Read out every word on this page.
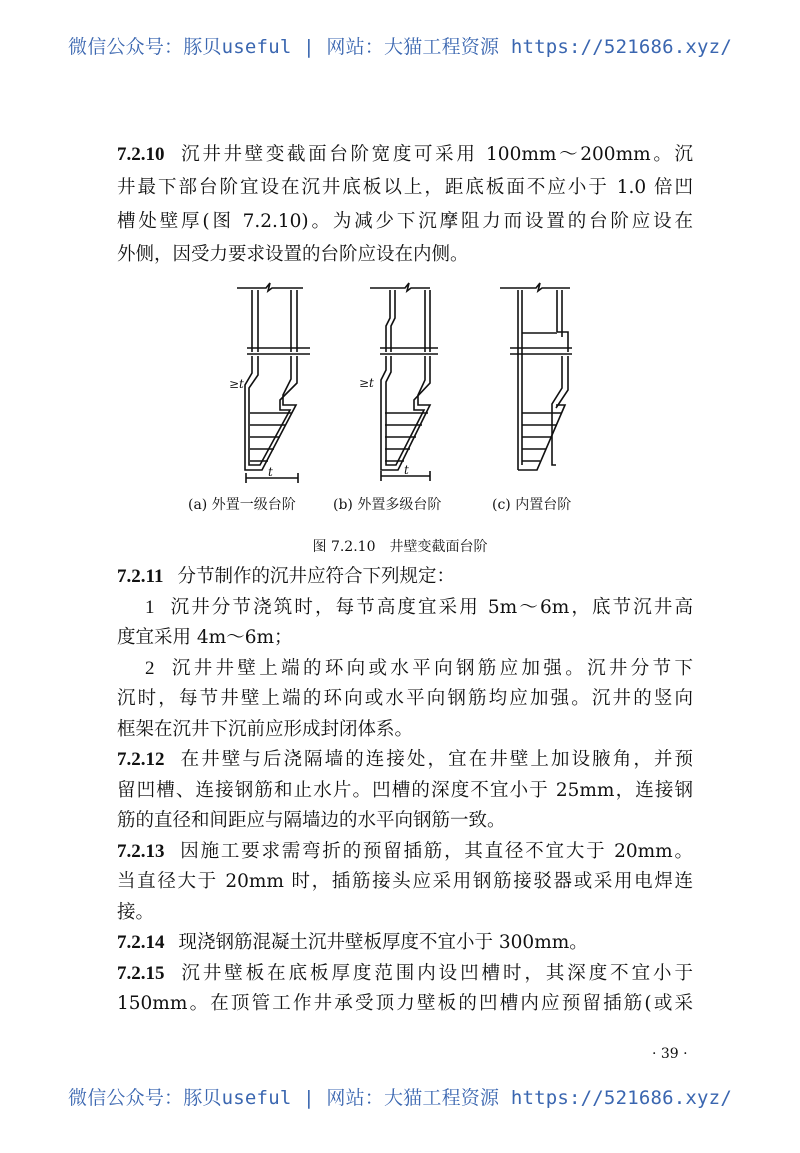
微信公众号：豚贝useful | 网站：大猫工程资源 https://521686.xyz/
7.2.10 沉井井壁变截面台阶宽度可采用 100mm～200mm。沉
井最下部台阶宜设在沉井底板以上，距底板面不应小于 1.0 倍凹
槽处壁厚(图 7.2.10)。为减少下沉摩阻力而设置的台阶应设在
外侧，因受力要求设置的台阶应设在内侧。
t
≥t
t
≥t
(a) 外置一级台阶	(b) 外置多级台阶	(c) 内置台阶
图 7.2.10　井壁变截面台阶
7.2.11 分节制作的沉井应符合下列规定：
1 沉井分节浇筑时，每节高度宜采用 5m～6m，底节沉井高
度宜采用 4m～6m；
2 沉井井壁上端的环向或水平向钢筋应加强。沉井分节下
沉时，每节井壁上端的环向或水平向钢筋均应加强。沉井的竖向
框架在沉井下沉前应形成封闭体系。
7.2.12 在井壁与后浇隔墙的连接处，宜在井壁上加设腋角，并预
留凹槽、连接钢筋和止水片。凹槽的深度不宜小于 25mm，连接钢
筋的直径和间距应与隔墙边的水平向钢筋一致。
7.2.13 因施工要求需弯折的预留插筋，其直径不宜大于 20mm。
当直径大于 20mm 时，插筋接头应采用钢筋接驳器或采用电焊连
接。
7.2.14 现浇钢筋混凝土沉井壁板厚度不宜小于 300mm。
7.2.15 沉井壁板在底板厚度范围内设凹槽时，其深度不宜小于
150mm。在顶管工作井承受顶力壁板的凹槽内应预留插筋(或采
· 39 ·
微信公众号：豚贝useful | 网站：大猫工程资源 https://521686.xyz/
